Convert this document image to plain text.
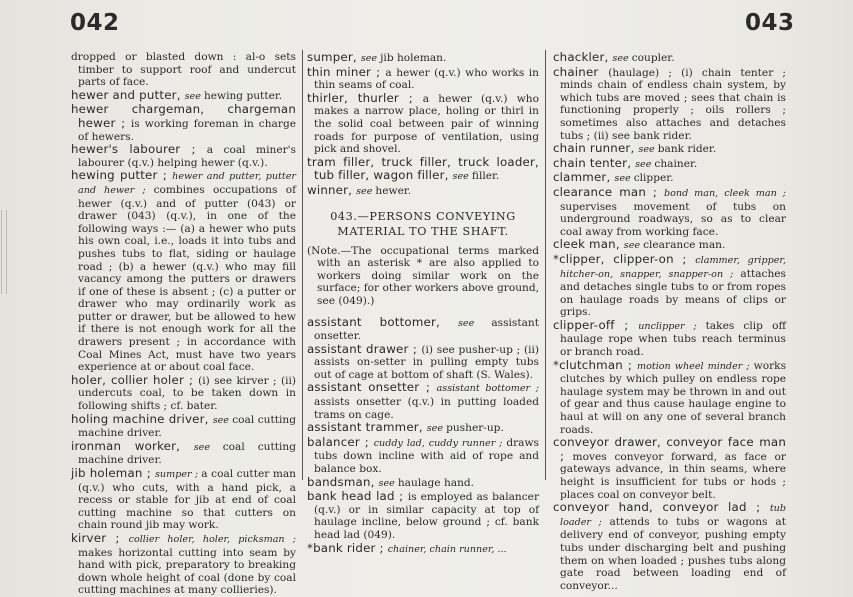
042	043

dropped or blasted down : al-o sets timber to support roof and undercut parts of face.

hewer and putter, see hewing putter.

hewer chargeman, chargeman hewer ; is working foreman in charge of hewers.

hewer's labourer ; a coal miner's labourer (q.v.) helping hewer (q.v.).

hewing putter ; hewer and putter, putter and hewer ; combines occupations of hewer (q.v.) and of putter (043) or drawer (043) (q.v.), in one of the following ways :— (a) a hewer who puts his own coal, i.e., loads it into tubs and pushes tubs to flat, siding or haulage road ; (b) a hewer (q.v.) who may fill vacancy among the putters or drawers if one of these is absent ; (c) a putter or drawer who may ordinarily work as putter or drawer, but be allowed to hew if there is not enough work for all the drawers present ; in accordance with Coal Mines Act, must have two years experience at or about coal face.

holer, collier holer ; (i) see kirver ; (ii) undercuts coal, to be taken down in following shifts ; cf. bater.

holing machine driver, see coal cutting machine driver.

ironman worker, see coal cutting machine driver.

jib holeman ; sumper ; a coal cutter man (q.v.) who cuts, with a hand pick, a recess or stable for jib at end of coal cutting machine so that cutters on chain round jib may work.

kirver ; collier holer, holer, picksman ; makes horizontal cutting into seam by hand with pick, preparatory to breaking down whole height of coal (done by coal cutting machines at many collieries).

sumper, see jib holeman.

thin miner ; a hewer (q.v.) who works in thin seams of coal.

thirler, thurler ; a hewer (q.v.) who makes a narrow place, holing or thirl in the solid coal between pair of winning roads for purpose of ventilation, using pick and shovel.

tram filler, truck filler, truck loader, tub filler, wagon filler, see filler.

winner, see hewer.

043.—PERSONS CONVEYING MATERIAL TO THE SHAFT.

(Note.—The occupational terms marked with an asterisk * are also applied to workers doing similar work on the surface; for other workers above ground, see (049).)

assistant bottomer, see assistant onsetter.

assistant drawer ; (i) see pusher-up ; (ii) assists on-setter in pulling empty tubs out of cage at bottom of shaft (S. Wales).

assistant onsetter ; assistant bottomer ; assists onsetter (q.v.) in putting loaded trams on cage.

assistant trammer, see pusher-up.

balancer ; cuddy lad, cuddy runner ; draws tubs down incline with aid of rope and balance box.

bandsman, see haulage hand.

bank head lad ; is employed as balancer (q.v.) or in similar capacity at top of haulage incline, below ground ; cf. bank head lad (049).

*bank rider ; chainer, chain runner, ...

chackler, see coupler.

chainer (haulage) ; (i) chain tenter ; minds chain of endless chain system, by which tubs are moved ; sees that chain is functioning properly ; oils rollers ; sometimes also attaches and detaches tubs ; (ii) see bank rider.

chain runner, see bank rider.

chain tenter, see chainer.

clammer, see clipper.

clearance man ; bond man, cleek man ; supervises movement of tubs on underground roadways, so as to clear coal away from working face.

cleek man, see clearance man.

*clipper, clipper-on ; clammer, gripper, hitcher-on, snapper, snapper-on ; attaches and detaches single tubs to or from ropes on haulage roads by means of clips or grips.

clipper-off ; unclipper ; takes clip off haulage rope when tubs reach terminus or branch road.

*clutchman ; motion wheel minder ; works clutches by which pulley on endless rope haulage system may be thrown in and out of gear and thus cause haulage engine to haul at will on any one of several branch roads.

conveyor drawer, conveyor face man ; moves conveyor forward, as face or gateways advance, in thin seams, where height is insufficient for tubs or hods ; places coal on conveyor belt.

conveyor hand, conveyor lad ; tub loader ; attends to tubs or wagons at delivery end of conveyor, pushing empty tubs under discharging belt and pushing them on when loaded ; pushes tubs along gate road between loading end of conveyor...
